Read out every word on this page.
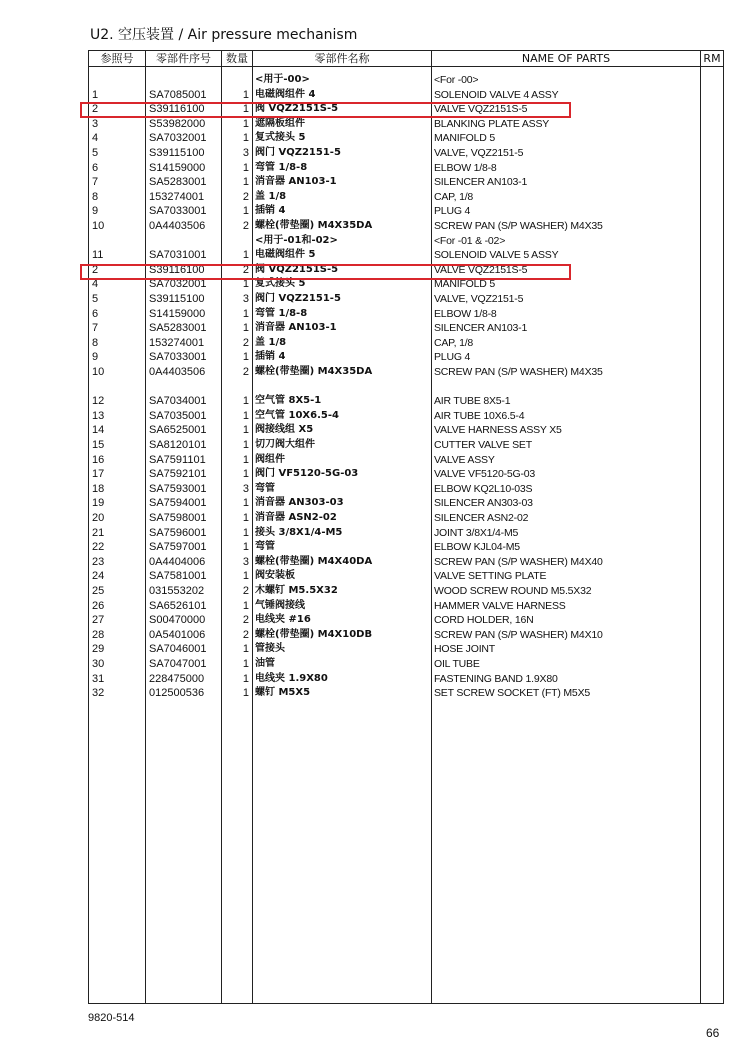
U2. 空压装置 / Air pressure mechanism
参照号	零部件序号	数量	零部件名称	NAME OF PARTS	RM
<用于-00>	<For -00>
1	SA7085001	1 电磁阀组件 4	SOLENOID VALVE 4 ASSY
2	S39116100	1 阀 VQZ2151S-5	VALVE VQZ2151S-5
3	S53982000	1 遮隔板组件	BLANKING PLATE ASSY
4	SA7032001	1 复式接头 5	MANIFOLD 5
5	S39115100	3 阀门 VQZ2151-5	VALVE, VQZ2151-5
6	S14159000	1 弯管 1/8-8	ELBOW 1/8-8
7	SA5283001	1 消音器 AN103-1	SILENCER AN103-1
8	153274001	2 盖 1/8	CAP, 1/8
9	SA7033001	1 插销 4	PLUG 4
10	0A4403506	2 螺栓(带垫圈) M4X35DA	SCREW PAN (S/P WASHER) M4X35
<用于-01和-02>	<For -01 & -02>
11	SA7031001	1 电磁阀组件 5	SOLENOID VALVE 5 ASSY
2	S39116100	2 阀 VQZ2151S-5	VALVE VQZ2151S-5
4	SA7032001	1 复式接头 5	MANIFOLD 5
5	S39115100	3 阀门 VQZ2151-5	VALVE, VQZ2151-5
6	S14159000	1 弯管 1/8-8	ELBOW 1/8-8
7	SA5283001	1 消音器 AN103-1	SILENCER AN103-1
8	153274001	2 盖 1/8	CAP, 1/8
9	SA7033001	1 插销 4	PLUG 4
10	0A4403506	2 螺栓(带垫圈) M4X35DA	SCREW PAN (S/P WASHER) M4X35
12	SA7034001	1 空气管 8X5-1	AIR TUBE 8X5-1
13	SA7035001	1 空气管 10X6.5-4	AIR TUBE 10X6.5-4
14	SA6525001	1 阀接线组 X5	VALVE HARNESS ASSY X5
15	SA8120101	1 切刀阀大组件	CUTTER VALVE SET
16	SA7591101	1 阀组件	VALVE ASSY
17	SA7592101	1 阀门 VF5120-5G-03	VALVE VF5120-5G-03
18	SA7593001	3 弯管	ELBOW KQ2L10-03S
19	SA7594001	1 消音器 AN303-03	SILENCER AN303-03
20	SA7598001	1 消音器 ASN2-02	SILENCER ASN2-02
21	SA7596001	1 接头 3/8X1/4-M5	JOINT 3/8X1/4-M5
22	SA7597001	1 弯管	ELBOW KJL04-M5
23	0A4404006	3 螺栓(带垫圈) M4X40DA	SCREW PAN (S/P WASHER) M4X40
24	SA7581001	1 阀安装板	VALVE SETTING PLATE
25	031553202	2 木螺钉 M5.5X32	WOOD SCREW ROUND M5.5X32
26	SA6526101	1 气锤阀接线	HAMMER VALVE HARNESS
27	S00470000	2 电线夹 #16	CORD HOLDER, 16N
28	0A5401006	2 螺栓(带垫圈) M4X10DB	SCREW PAN (S/P WASHER) M4X10
29	SA7046001	1 管接头	HOSE JOINT
30	SA7047001	1 油管	OIL TUBE
31	228475000	1 电线夹 1.9X80	FASTENING BAND 1.9X80
32	012500536	1 螺钉 M5X5	SET SCREW SOCKET (FT) M5X5
9820-514
66
